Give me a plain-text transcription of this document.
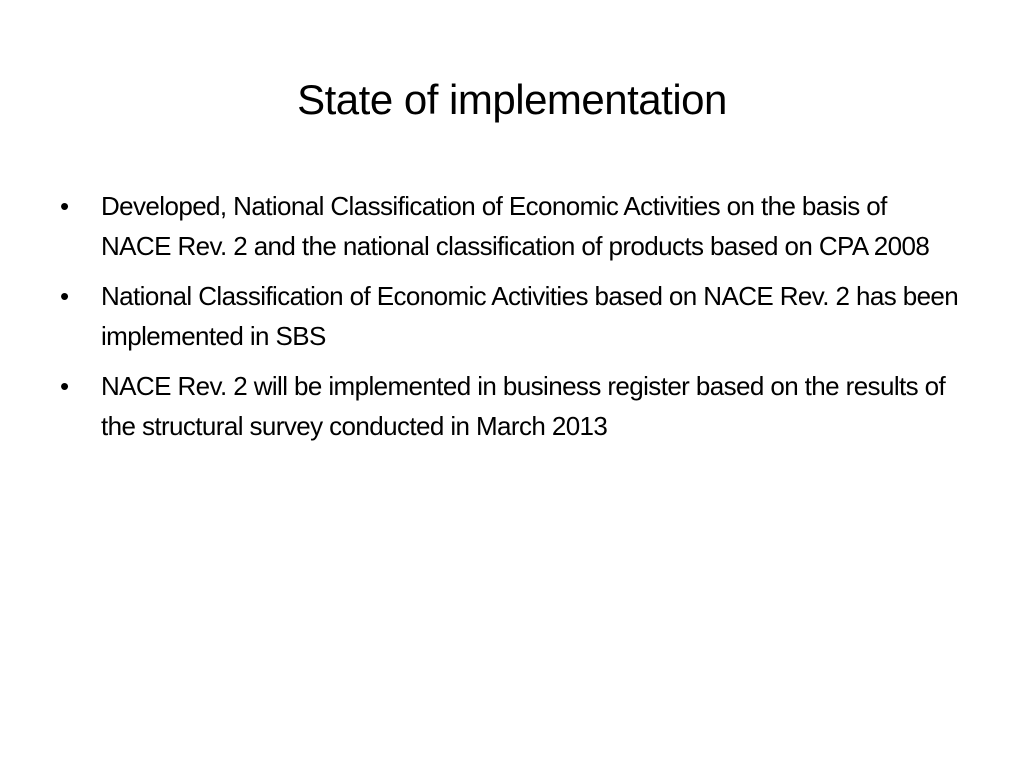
State of implementation
• Developed, National Classification of Economic Activities on the basis of NACE Rev. 2 and the national classification of products based on CPA 2008
• National Classification of Economic Activities based on NACE Rev. 2 has been implemented in SBS
• NACE Rev. 2 will be implemented in business register based on the results of the structural survey conducted in March 2013
